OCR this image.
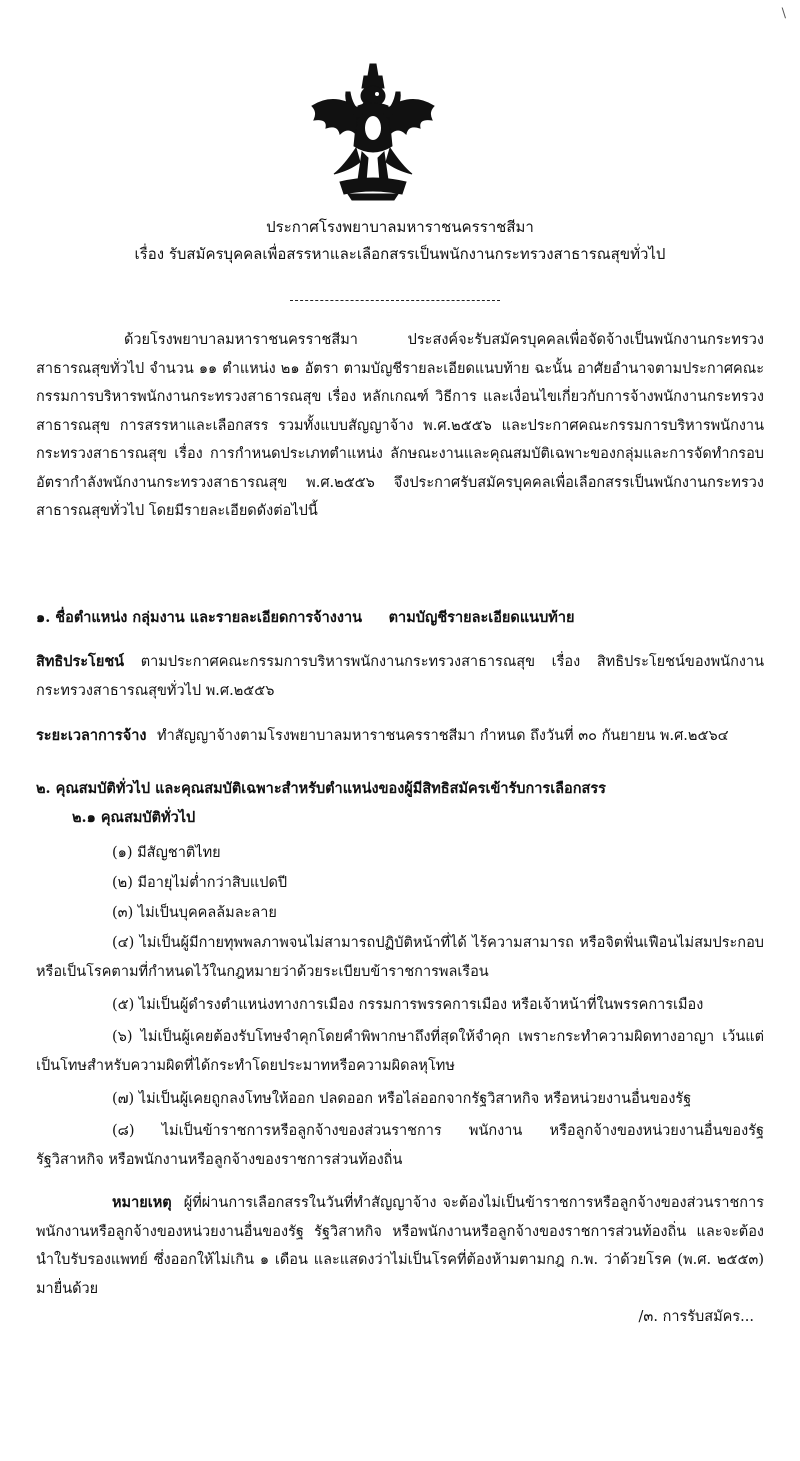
\
ประกาศโรงพยาบาลมหาราชนครราชสีมา
เรื่อง รับสมัครบุคคลเพื่อสรรหาและเลือกสรรเป็นพนักงานกระทรวงสาธารณสุขทั่วไป

ด้วยโรงพยาบาลมหาราชนครราชสีมา ประสงค์จะรับสมัครบุคคลเพื่อจัดจ้างเป็นพนักงานกระทรวงสาธารณสุขทั่วไป จำนวน ๑๑ ตำแหน่ง ๒๑ อัตรา ตามบัญชีรายละเอียดแนบท้าย ฉะนั้น อาศัยอำนาจตามประกาศคณะกรรมการบริหารพนักงานกระทรวงสาธารณสุข เรื่อง หลักเกณฑ์ วิธีการ และเงื่อนไขเกี่ยวกับการจ้างพนักงานกระทรวงสาธารณสุข การสรรหาและเลือกสรร รวมทั้งแบบสัญญาจ้าง พ.ศ.๒๕๕๖ และประกาศคณะกรรมการบริหารพนักงานกระทรวงสาธารณสุข เรื่อง การกำหนดประเภทตำแหน่ง ลักษณะงานและคุณสมบัติเฉพาะของกลุ่มและการจัดทำกรอบอัตรากำลังพนักงานกระทรวงสาธารณสุข พ.ศ.๒๕๕๖ จึงประกาศรับสมัครบุคคลเพื่อเลือกสรรเป็นพนักงานกระทรวงสาธารณสุขทั่วไป โดยมีรายละเอียดดังต่อไปนี้

๑. ชื่อตำแหน่ง กลุ่มงาน และรายละเอียดการจ้างงาน ตามบัญชีรายละเอียดแนบท้าย

สิทธิประโยชน์ ตามประกาศคณะกรรมการบริหารพนักงานกระทรวงสาธารณสุข เรื่อง สิทธิประโยชน์ของพนักงานกระทรวงสาธารณสุขทั่วไป พ.ศ.๒๕๕๖

ระยะเวลาการจ้าง ทำสัญญาจ้างตามโรงพยาบาลมหาราชนครราชสีมา กำหนด ถึงวันที่ ๓๐ กันยายน พ.ศ.๒๕๖๔

๒. คุณสมบัติทั่วไป และคุณสมบัติเฉพาะสำหรับตำแหน่งของผู้มีสิทธิสมัครเข้ารับการเลือกสรร

๒.๑ คุณสมบัติทั่วไป

(๑) มีสัญชาติไทย

(๒) มีอายุไม่ต่ำกว่าสิบแปดปี

(๓) ไม่เป็นบุคคลล้มละลาย

(๔) ไม่เป็นผู้มีกายทุพพลภาพจนไม่สามารถปฏิบัติหน้าที่ได้ ไร้ความสามารถ หรือจิตฟั่นเฟือนไม่สมประกอบ หรือเป็นโรคตามที่กำหนดไว้ในกฎหมายว่าด้วยระเบียบข้าราชการพลเรือน

(๕) ไม่เป็นผู้ดำรงตำแหน่งทางการเมือง กรรมการพรรคการเมือง หรือเจ้าหน้าที่ในพรรคการเมือง

(๖) ไม่เป็นผู้เคยต้องรับโทษจำคุกโดยคำพิพากษาถึงที่สุดให้จำคุก เพราะกระทำความผิดทางอาญา เว้นแต่เป็นโทษสำหรับความผิดที่ได้กระทำโดยประมาทหรือความผิดลหุโทษ

(๗) ไม่เป็นผู้เคยถูกลงโทษให้ออก ปลดออก หรือไล่ออกจากรัฐวิสาหกิจ หรือหน่วยงานอื่นของรัฐ

(๘) ไม่เป็นข้าราชการหรือลูกจ้างของส่วนราชการ พนักงาน หรือลูกจ้างของหน่วยงานอื่นของรัฐ รัฐวิสาหกิจ หรือพนักงานหรือลูกจ้างของราชการส่วนท้องถิ่น

หมายเหตุ ผู้ที่ผ่านการเลือกสรรในวันที่ทำสัญญาจ้าง จะต้องไม่เป็นข้าราชการหรือลูกจ้างของส่วนราชการ พนักงานหรือลูกจ้างของหน่วยงานอื่นของรัฐ รัฐวิสาหกิจ หรือพนักงานหรือลูกจ้างของราชการส่วนท้องถิ่น และจะต้องนำใบรับรองแพทย์ ซึ่งออกให้ไม่เกิน ๑ เดือน และแสดงว่าไม่เป็นโรคที่ต้องห้ามตามกฎ ก.พ. ว่าด้วยโรค (พ.ศ. ๒๕๕๓) มายื่นด้วย

/๓. การรับสมัคร...
